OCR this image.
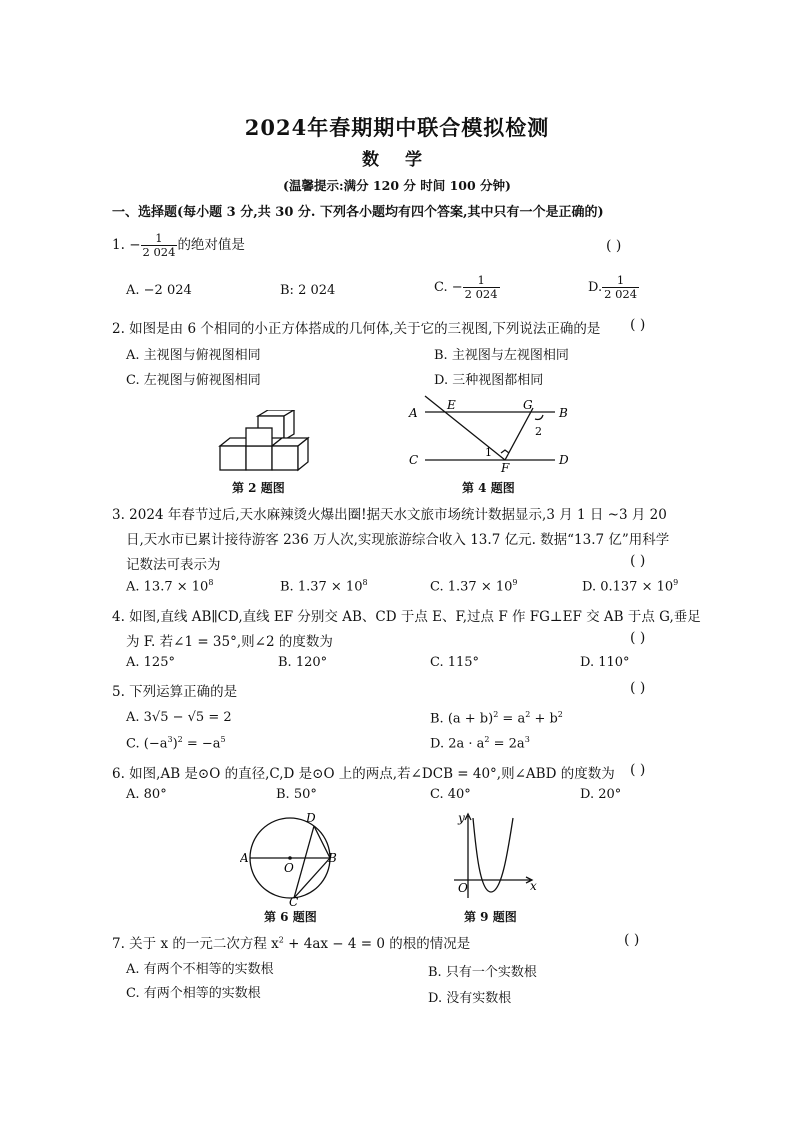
2024年春期期中联合模拟检测
数 学
(温馨提示:满分 120 分 时间 100 分钟)
一、选择题(每小题 3 分,共 30 分. 下列各小题均有四个答案,其中只有一个是正确的)
1. − $\frac{1}{2 024}$ 的绝对值是	( )
A. −2 024	B: 2 024	C. − $\frac{1}{2 024}$	D. $\frac{1}{2 024}$
2. 如图是由 6 个相同的小正方体搭成的几何体,关于它的三视图,下列说法正确的是 ( )
A. 主视图与俯视图相同	B. 主视图与左视图相同
C. 左视图与俯视图相同	D. 三种视图都相同
第 2 题图
A
E	G
B
2
C
1
F
D
第 4 题图
3. 2024 年春节过后,天水麻辣烫火爆出圈!据天水文旅市场统计数据显示,3 月 1 日 ~3 月 20
日,天水市已累计接待游客 236 万人次,实现旅游综合收入 13.7 亿元. 数据“13.7 亿”用科学
记数法可表示为	( )
A. $13.7 \times 10^8$	B. $1.37 \times 10^8$	C. $1.37 \times 10^9$	D. $0.137 \times 10^9$
4. 如图,直线 AB∥CD,直线 EF 分别交 AB、CD 于点 E、F,过点 F 作 FG⊥EF 交 AB 于点 G,垂足
为 F. 若∠1 = 35°,则∠2 的度数为	( )
A. 125°	B. 120°	C. 115°	D. 110°
5. 下列运算正确的是	( )
A. 3√5 − √5 = 2	B. $(a + b)^2 = a^2 + b^2$
C. $(-a^3)^2 = -a^5$	D. $2a \cdot a^2 = 2a^3$
6. 如图,AB 是⊙O 的直径,C,D 是⊙O 上的两点,若∠DCB = 40°,则∠ABD 的度数为 ( )
A. 80°	B. 50°	C. 40°	D. 20°
A	B
C
D
O
第 6 题图
y
x
O
第 9 题图
7. 关于 x 的一元二次方程 $x^2 + 4ax - 4 = 0$ 的根的情况是	( )
A. 有两个不相等的实数根	B. 只有一个实数根
C. 有两个相等的实数根	D. 没有实数根
